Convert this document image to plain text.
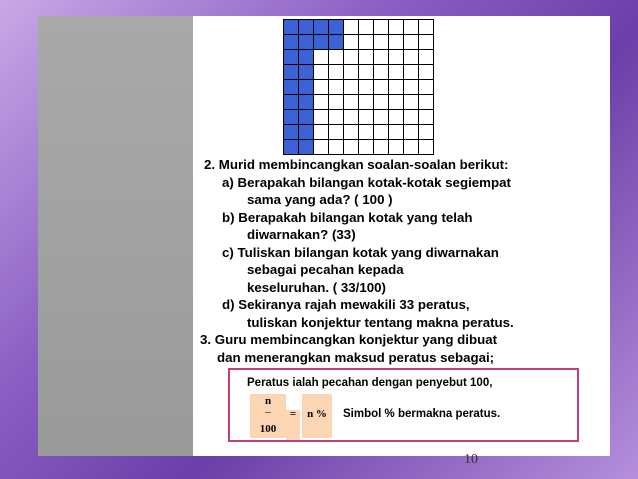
2. Murid membincangkan soalan-soalan berikut:
a) Berapakah bilangan kotak-kotak segiempat
sama yang ada? ( 100 )
b) Berapakah bilangan kotak yang telah
diwarnakan? (33)
c) Tuliskan bilangan kotak yang diwarnakan
sebagai pecahan kepada
keseluruhan. ( 33/100)
d) Sekiranya rajah mewakili 33 peratus,
tuliskan konjektur tentang makna peratus.
3. Guru membincangkan konjektur yang dibuat
dan menerangkan maksud peratus sebagai;
Peratus ialah pecahan dengan penyebut 100,
n
–
100
= n %	Simbol % bermakna peratus.
10
